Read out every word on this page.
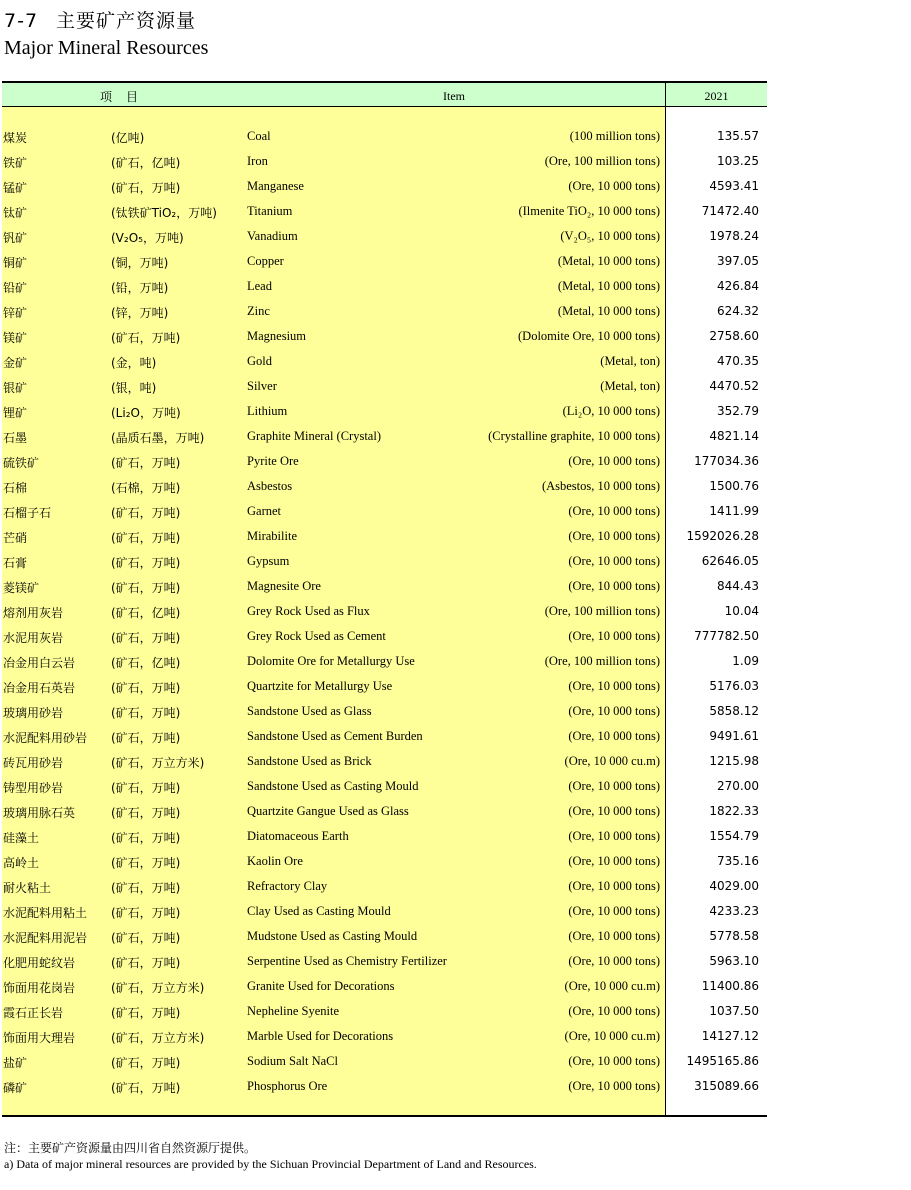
7-7 主要矿产资源量
Major Mineral Resources
项目	Item	2021
煤炭	(亿吨)	Coal	(100 million tons)	135.57
铁矿	(矿石，亿吨)	Iron	(Ore, 100 million tons)	103.25
锰矿	(矿石，万吨)	Manganese	(Ore, 10 000 tons)	4593.41
钛矿	(钛铁矿TiO₂，万吨) Titanium	(Ilmenite TiO₂, 10 000 tons)	71472.40
钒矿	(V₂O₅，万吨)	Vanadium	(V₂O₅, 10 000 tons)	1978.24
铜矿	(铜，万吨)	Copper	(Metal, 10 000 tons)	397.05
铅矿	(铅，万吨)	Lead	(Metal, 10 000 tons)	426.84
锌矿	(锌，万吨)	Zinc	(Metal, 10 000 tons)	624.32
镁矿	(矿石，万吨)	Magnesium	(Dolomite Ore, 10 000 tons)	2758.60
金矿	(金，吨)	Gold	(Metal, ton)	470.35
银矿	(银，吨)	Silver	(Metal, ton)	4470.52
锂矿	(Li₂O，万吨)	Lithium	(Li₂O, 10 000 tons)	352.79
石墨	(晶质石墨，万吨)	Graphite Mineral (Crystal)	(Crystalline graphite, 10 000 tons)	4821.14
硫铁矿	(矿石，万吨)	Pyrite Ore	(Ore, 10 000 tons)	177034.36
石棉	(石棉，万吨)	Asbestos	(Asbestos, 10 000 tons)	1500.76
石榴子石	(矿石，万吨)	Garnet	(Ore, 10 000 tons)	1411.99
芒硝	(矿石，万吨)	Mirabilite	(Ore, 10 000 tons) 1592026.28
石膏	(矿石，万吨)	Gypsum	(Ore, 10 000 tons)	62646.05
菱镁矿	(矿石，万吨)	Magnesite Ore	(Ore, 10 000 tons)	844.43
熔剂用灰岩	(矿石，亿吨)	Grey Rock Used as Flux	(Ore, 100 million tons)	10.04
水泥用灰岩	(矿石，万吨)	Grey Rock Used as Cement	(Ore, 10 000 tons)	777782.50
冶金用白云岩	(矿石，亿吨)	Dolomite Ore for Metallurgy Use	(Ore, 100 million tons)	1.09
冶金用石英岩	(矿石，万吨)	Quartzite for Metallurgy Use	(Ore, 10 000 tons)	5176.03
玻璃用砂岩	(矿石，万吨)	Sandstone Used as Glass	(Ore, 10 000 tons)	5858.12
水泥配料用砂岩 (矿石，万吨)	Sandstone Used as Cement Burden	(Ore, 10 000 tons)	9491.61
砖瓦用砂岩	(矿石，万立方米)	Sandstone Used as Brick	(Ore, 10 000 cu.m)	1215.98
铸型用砂岩	(矿石，万吨)	Sandstone Used as Casting Mould	(Ore, 10 000 tons)	270.00
玻璃用脉石英	(矿石，万吨)	Quartzite Gangue Used as Glass	(Ore, 10 000 tons)	1822.33
硅藻土	(矿石，万吨)	Diatomaceous Earth	(Ore, 10 000 tons)	1554.79
高岭土	(矿石，万吨)	Kaolin Ore	(Ore, 10 000 tons)	735.16
耐火粘土	(矿石，万吨)	Refractory Clay	(Ore, 10 000 tons)	4029.00
水泥配料用粘土 (矿石，万吨)	Clay Used as Casting Mould	(Ore, 10 000 tons)	4233.23
水泥配料用泥岩 (矿石，万吨)	Mudstone Used as Casting Mould	(Ore, 10 000 tons)	5778.58
化肥用蛇纹岩	(矿石，万吨)	Serpentine Used as Chemistry Fertilizer	(Ore, 10 000 tons)	5963.10
饰面用花岗岩	(矿石，万立方米)	Granite Used for Decorations	(Ore, 10 000 cu.m)	11400.86
霞石正长岩	(矿石，万吨)	Nepheline Syenite	(Ore, 10 000 tons)	1037.50
饰面用大理岩	(矿石，万立方米)	Marble Used for Decorations	(Ore, 10 000 cu.m)	14127.12
盐矿	(矿石，万吨)	Sodium Salt NaCl	(Ore, 10 000 tons) 1495165.86
磷矿	(矿石，万吨)	Phosphorus Ore	(Ore, 10 000 tons)	315089.66
注：主要矿产资源量由四川省自然资源厅提供。
a) Data of major mineral resources are provided by the Sichuan Provincial Department of Land and Resources.
